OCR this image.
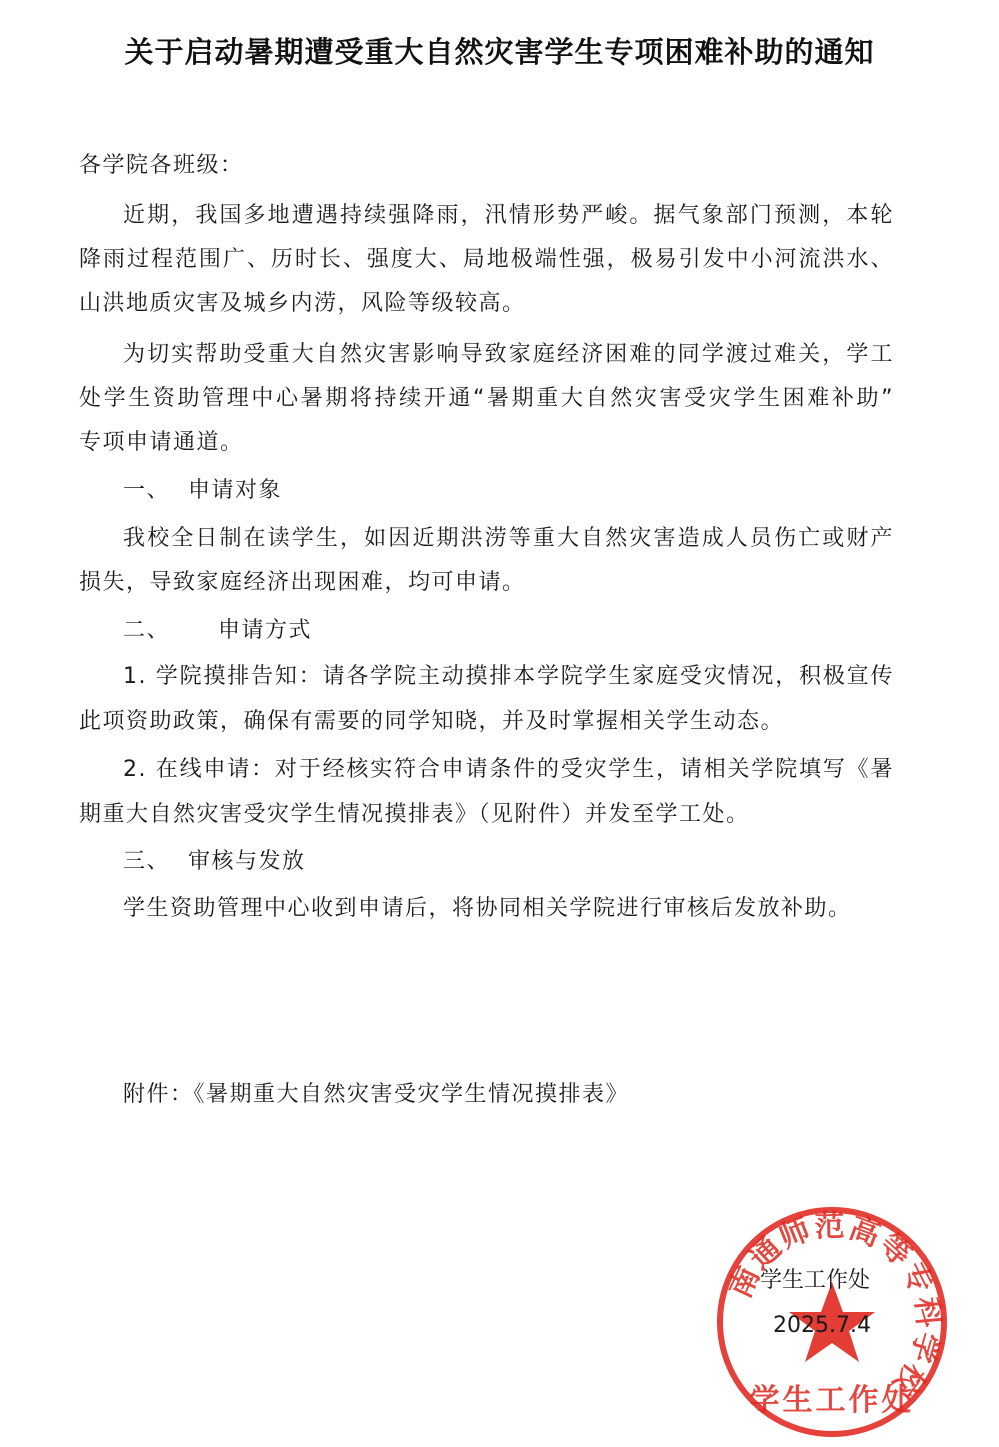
关于启动暑期遭受重大自然灾害学生专项困难补助的通知
各学院各班级：
近期，我国多地遭遇持续强降雨，汛情形势严峻。据气象部门预测，本轮
降雨过程范围广、历时长、强度大、局地极端性强，极易引发中小河流洪水、
山洪地质灾害及城乡内涝，风险等级较高。
为切实帮助受重大自然灾害影响导致家庭经济困难的同学渡过难关，学工
处学生资助管理中心暑期将持续开通“暑期重大自然灾害受灾学生困难补助”
专项申请通道。
一、 申请对象
我校全日制在读学生，如因近期洪涝等重大自然灾害造成人员伤亡或财产
损失，导致家庭经济出现困难，均可申请。
二、 申请方式
1. 学院摸排告知：请各学院主动摸排本学院学生家庭受灾情况，积极宣传
此项资助政策，确保有需要的同学知晓，并及时掌握相关学生动态。
2. 在线申请：对于经核实符合申请条件的受灾学生，请相关学院填写《暑
期重大自然灾害受灾学生情况摸排表》（见附件）并发至学工处。
三、 审核与发放
学生资助管理中心收到申请后，将协同相关学院进行审核后发放补助。
附件：《暑期重大自然灾害受灾学生情况摸排表》
南通师范高等专科学校
学生工作处
学生工作处
2025.7.4
